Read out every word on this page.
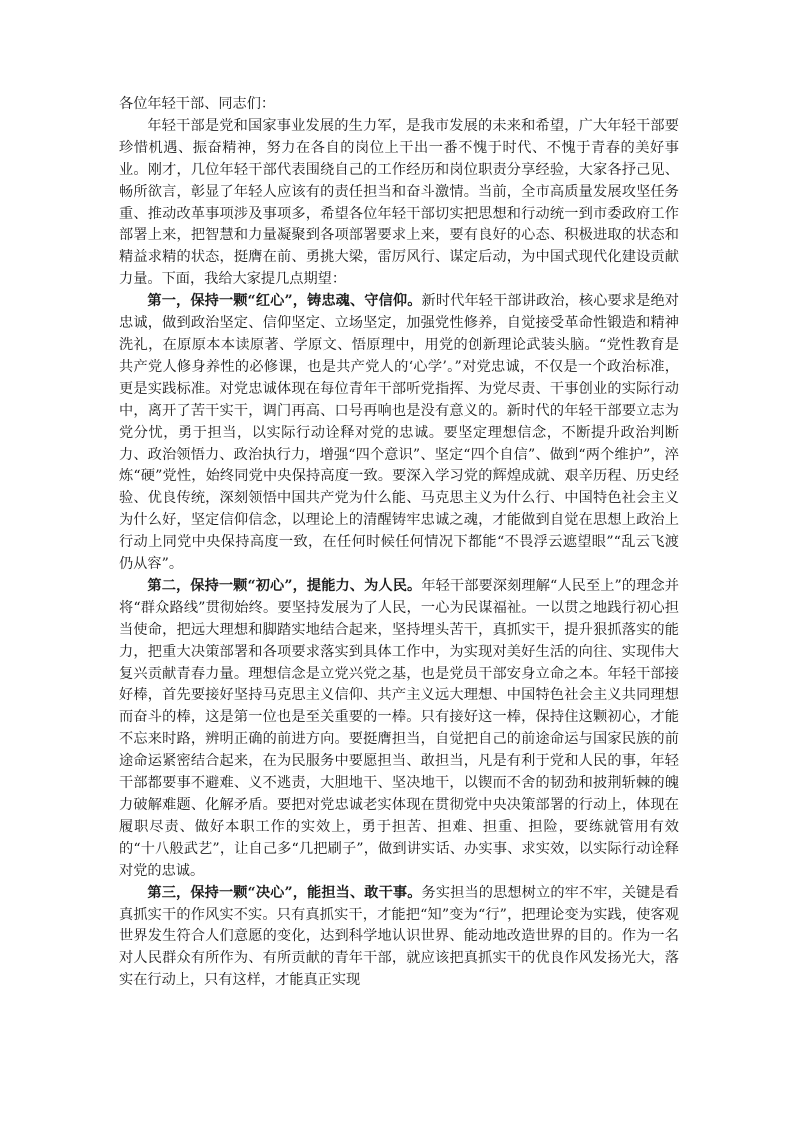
各位年轻干部、同志们：

年轻干部是党和国家事业发展的生力军，是我市发展的未来和希望，广大年轻干部要珍惜机遇、振奋精神，努力在各自的岗位上干出一番不愧于时代、不愧于青春的美好事业。刚才，几位年轻干部代表围绕自己的工作经历和岗位职责分享经验，大家各抒己见、畅所欲言，彰显了年轻人应该有的责任担当和奋斗激情。当前，全市高质量发展攻坚任务重、推动改革事项涉及事项多，希望各位年轻干部切实把思想和行动统一到市委政府工作部署上来，把智慧和力量凝聚到各项部署要求上来，要有良好的心态、积极进取的状态和精益求精的状态，挺膺在前、勇挑大梁，雷厉风行、谋定后动，为中国式现代化建设贡献力量。下面，我给大家提几点期望：

第一，保持一颗“红心”，铸忠魂、守信仰。新时代年轻干部讲政治，核心要求是绝对忠诚，做到政治坚定、信仰坚定、立场坚定，加强党性修养，自觉接受革命性锻造和精神洗礼，在原原本本读原著、学原文、悟原理中，用党的创新理论武装头脑。“党性教育是共产党人修身养性的必修课，也是共产党人的‘心学’。”对党忠诚，不仅是一个政治标准，更是实践标准。对党忠诚体现在每位青年干部听党指挥、为党尽责、干事创业的实际行动中，离开了苦干实干，调门再高、口号再响也是没有意义的。新时代的年轻干部要立志为党分忧，勇于担当，以实际行动诠释对党的忠诚。要坚定理想信念，不断提升政治判断力、政治领悟力、政治执行力，增强“四个意识”、坚定“四个自信”、做到“两个维护”，淬炼“硬”党性，始终同党中央保持高度一致。要深入学习党的辉煌成就、艰辛历程、历史经验、优良传统，深刻领悟中国共产党为什么能、马克思主义为什么行、中国特色社会主义为什么好，坚定信仰信念，以理论上的清醒铸牢忠诚之魂，才能做到自觉在思想上政治上行动上同党中央保持高度一致，在任何时候任何情况下都能“不畏浮云遮望眼”“乱云飞渡仍从容”。

第二，保持一颗“初心”，提能力、为人民。年轻干部要深刻理解“人民至上”的理念并将“群众路线”贯彻始终。要坚持发展为了人民，一心为民谋福祉。一以贯之地践行初心担当使命，把远大理想和脚踏实地结合起来，坚持埋头苦干，真抓实干，提升狠抓落实的能力，把重大决策部署和各项要求落实到具体工作中，为实现对美好生活的向往、实现伟大复兴贡献青春力量。理想信念是立党兴党之基，也是党员干部安身立命之本。年轻干部接好棒，首先要接好坚持马克思主义信仰、共产主义远大理想、中国特色社会主义共同理想而奋斗的棒，这是第一位也是至关重要的一棒。只有接好这一棒，保持住这颗初心，才能不忘来时路，辨明正确的前进方向。要挺膺担当，自觉把自己的前途命运与国家民族的前途命运紧密结合起来，在为民服务中要愿担当、敢担当，凡是有利于党和人民的事，年轻干部都要事不避难、义不逃责，大胆地干、坚决地干，以锲而不舍的韧劲和披荆斩棘的魄力破解难题、化解矛盾。要把对党忠诚老实体现在贯彻党中央决策部署的行动上，体现在履职尽责、做好本职工作的实效上，勇于担苦、担难、担重、担险，要练就管用有效的“十八般武艺”，让自己多“几把刷子”，做到讲实话、办实事、求实效，以实际行动诠释对党的忠诚。

第三，保持一颗“决心”，能担当、敢干事。务实担当的思想树立的牢不牢，关键是看真抓实干的作风实不实。只有真抓实干，才能把“知”变为“行”，把理论变为实践，使客观世界发生符合人们意愿的变化，达到科学地认识世界、能动地改造世界的目的。作为一名对人民群众有所作为、有所贡献的青年干部，就应该把真抓实干的优良作风发扬光大，落实在行动上，只有这样，才能真正实现
